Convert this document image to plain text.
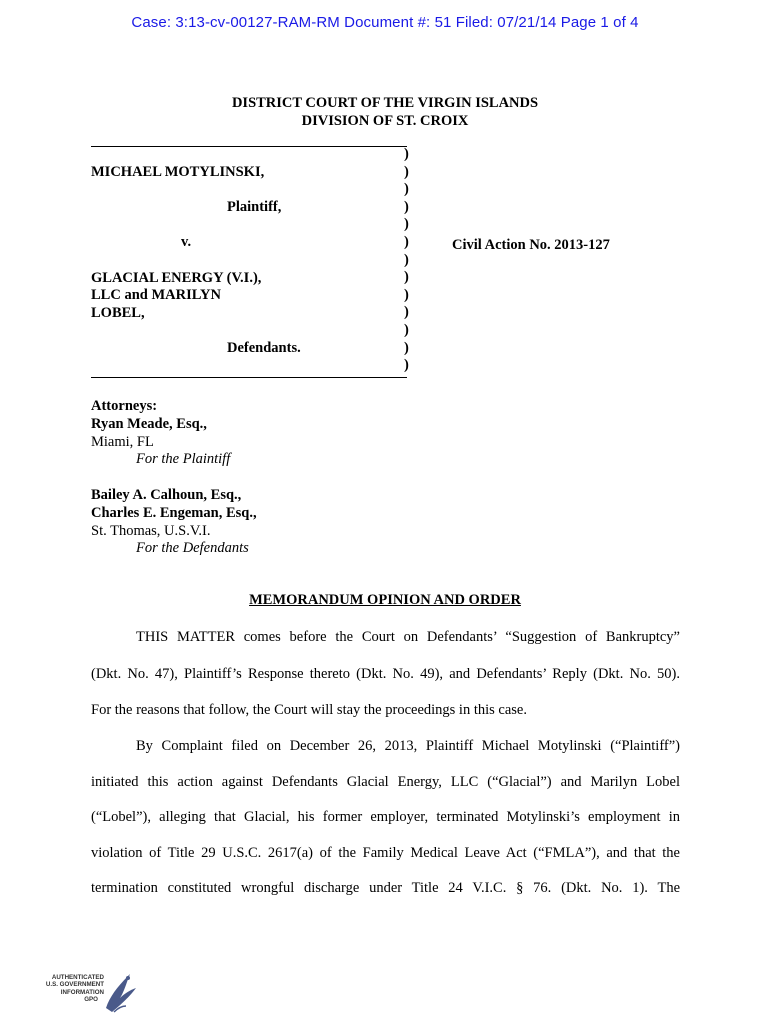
Case: 3:13-cv-00127-RAM-RM Document #: 51 Filed: 07/21/14 Page 1 of 4
DISTRICT COURT OF THE VIRGIN ISLANDS
DIVISION OF ST. CROIX
MICHAEL MOTYLINSKI,
Plaintiff,
v.
GLACIAL ENERGY (V.I.),
LLC and MARILYN
LOBEL,
Defendants.
)
)
)
)
)
)
)
)
)
)
)
)
)
Civil Action No. 2013-127
Attorneys:
Ryan Meade, Esq.,
Miami, FL
For the Plaintiff
Bailey A. Calhoun, Esq.,
Charles E. Engeman, Esq.,
St. Thomas, U.S.V.I.
For the Defendants
MEMORANDUM OPINION AND ORDER
THIS MATTER comes before the Court on Defendants’ “Suggestion of Bankruptcy”
(Dkt. No. 47), Plaintiff’s Response thereto (Dkt. No. 49), and Defendants’ Reply (Dkt. No. 50).
For the reasons that follow, the Court will stay the proceedings in this case.
By Complaint filed on December 26, 2013, Plaintiff Michael Motylinski (“Plaintiff”)
initiated this action against Defendants Glacial Energy, LLC (“Glacial”) and Marilyn Lobel
(“Lobel”), alleging that Glacial, his former employer, terminated Motylinski’s employment in
violation of Title 29 U.S.C. 2617(a) of the Family Medical Leave Act (“FMLA”), and that the
termination constituted wrongful discharge under Title 24 V.I.C. § 76. (Dkt. No. 1). The
AUTHENTICATED
U.S. GOVERNMENT
INFORMATION
GPO
